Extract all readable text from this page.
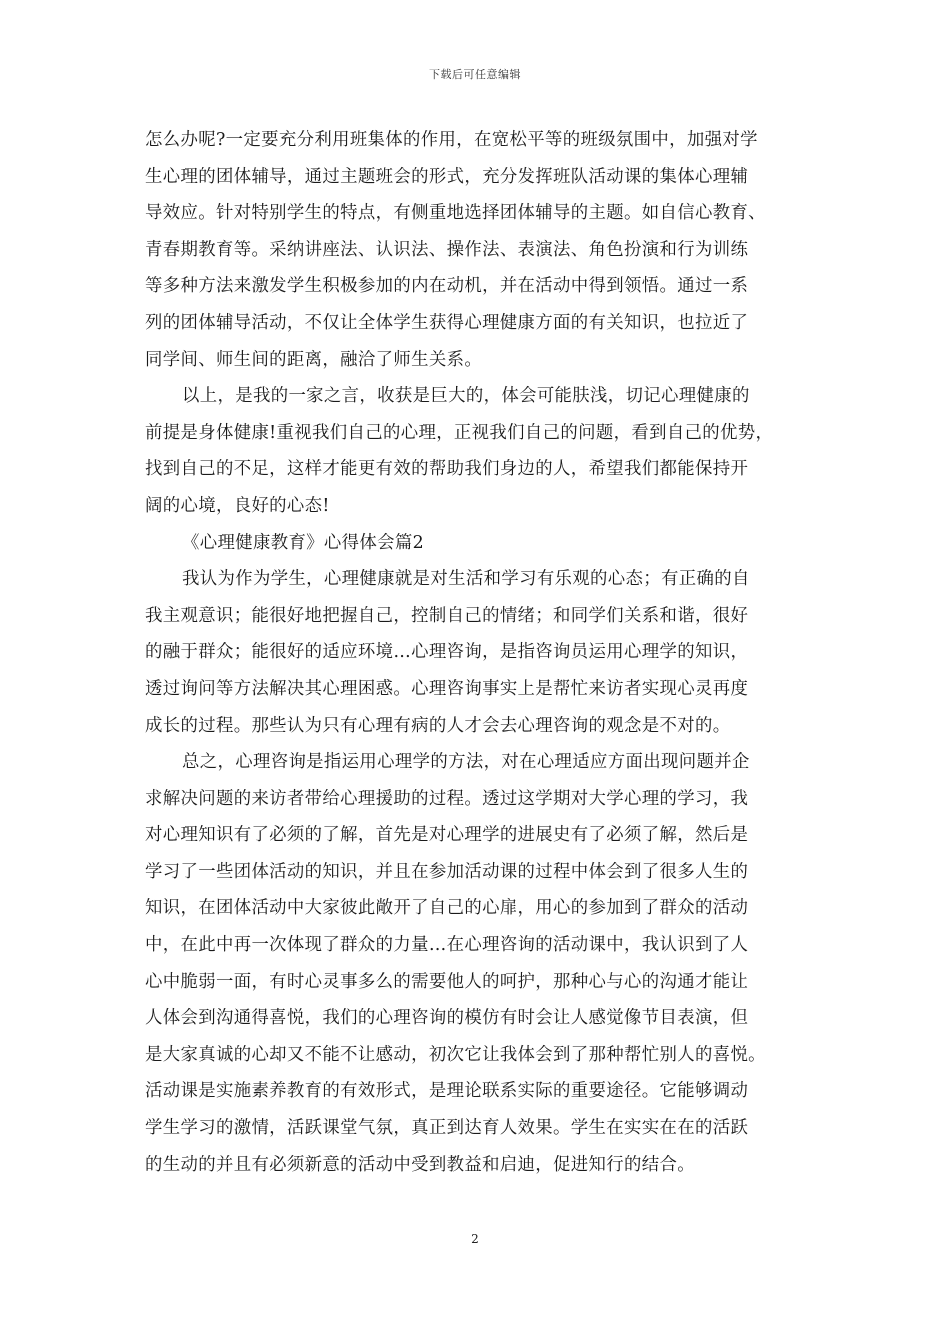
下载后可任意编辑
怎么办呢?一定要充分利用班集体的作用，在宽松平等的班级氛围中，加强对学
生心理的团体辅导，通过主题班会的形式，充分发挥班队活动课的集体心理辅
导效应。针对特别学生的特点，有侧重地选择团体辅导的主题。如自信心教育、
青春期教育等。采纳讲座法、认识法、操作法、表演法、角色扮演和行为训练
等多种方法来激发学生积极参加的内在动机，并在活动中得到领悟。通过一系
列的团体辅导活动，不仅让全体学生获得心理健康方面的有关知识，也拉近了
同学间、师生间的距离，融洽了师生关系。
以上，是我的一家之言，收获是巨大的，体会可能肤浅，切记心理健康的
前提是身体健康!重视我们自己的心理，正视我们自己的问题，看到自己的优势，
找到自己的不足，这样才能更有效的帮助我们身边的人，希望我们都能保持开
阔的心境，良好的心态!
《心理健康教育》心得体会篇2
我认为作为学生，心理健康就是对生活和学习有乐观的心态；有正确的自
我主观意识；能很好地把握自己，控制自己的情绪；和同学们关系和谐，很好
的融于群众；能很好的适应环境…心理咨询，是指咨询员运用心理学的知识，
透过询问等方法解决其心理困惑。心理咨询事实上是帮忙来访者实现心灵再度
成长的过程。那些认为只有心理有病的人才会去心理咨询的观念是不对的。
总之，心理咨询是指运用心理学的方法，对在心理适应方面出现问题并企
求解决问题的来访者带给心理援助的过程。透过这学期对大学心理的学习，我
对心理知识有了必须的了解，首先是对心理学的进展史有了必须了解，然后是
学习了一些团体活动的知识，并且在参加活动课的过程中体会到了很多人生的
知识，在团体活动中大家彼此敞开了自己的心扉，用心的参加到了群众的活动
中，在此中再一次体现了群众的力量…在心理咨询的活动课中，我认识到了人
心中脆弱一面，有时心灵事多么的需要他人的呵护，那种心与心的沟通才能让
人体会到沟通得喜悦，我们的心理咨询的模仿有时会让人感觉像节目表演，但
是大家真诚的心却又不能不让感动，初次它让我体会到了那种帮忙别人的喜悦。
活动课是实施素养教育的有效形式，是理论联系实际的重要途径。它能够调动
学生学习的激情，活跃课堂气氛，真正到达育人效果。学生在实实在在的活跃
的生动的并且有必须新意的活动中受到教益和启迪，促进知行的结合。
2
